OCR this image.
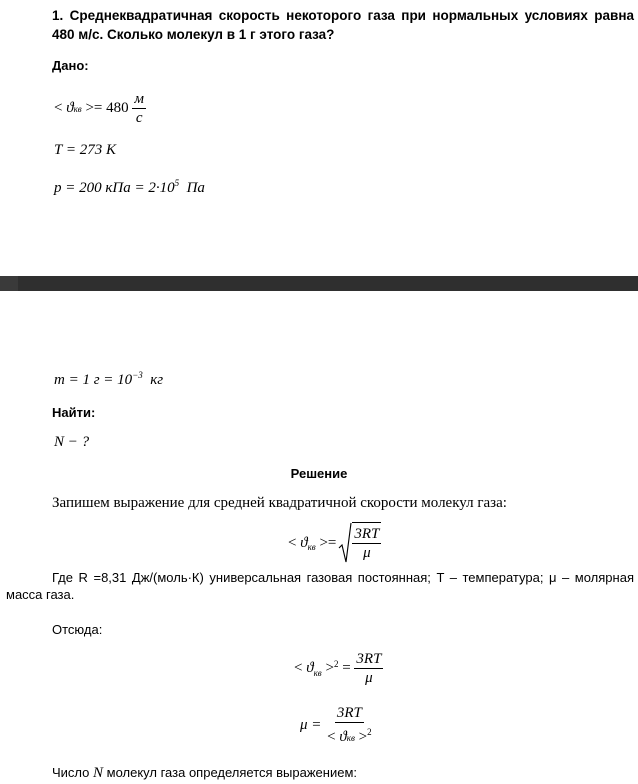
1. Среднеквадратичная скорость некоторого газа при нормальных условиях равна 480 м/с. Сколько молекул в 1 г этого газа?
Дано:
< $ϑкв >= 480 \frac{м}{с}$
T = 273 К
p = 200 кПа = $2\cdot 10^5$ Па
m = 1 $г = 10^{-3}$ кг
Найти:
N − ?
Решение
Запишем выражение для средней квадратичной скорости молекул газа:
<
ϑ кв
>= $\frac{3RT}{\mu}$
Где R =8,31 Дж/(моль·К) универсальная газовая постоянная; T – температура; μ – молярная масса газа.
Отсюда:
<
ϑ кв
>$^2$
=
$\frac{3RT}{\mu}$
μ =
$\frac{3RT}{< ϑкв >^2}$
Число N молекул газа определяется выражением:
